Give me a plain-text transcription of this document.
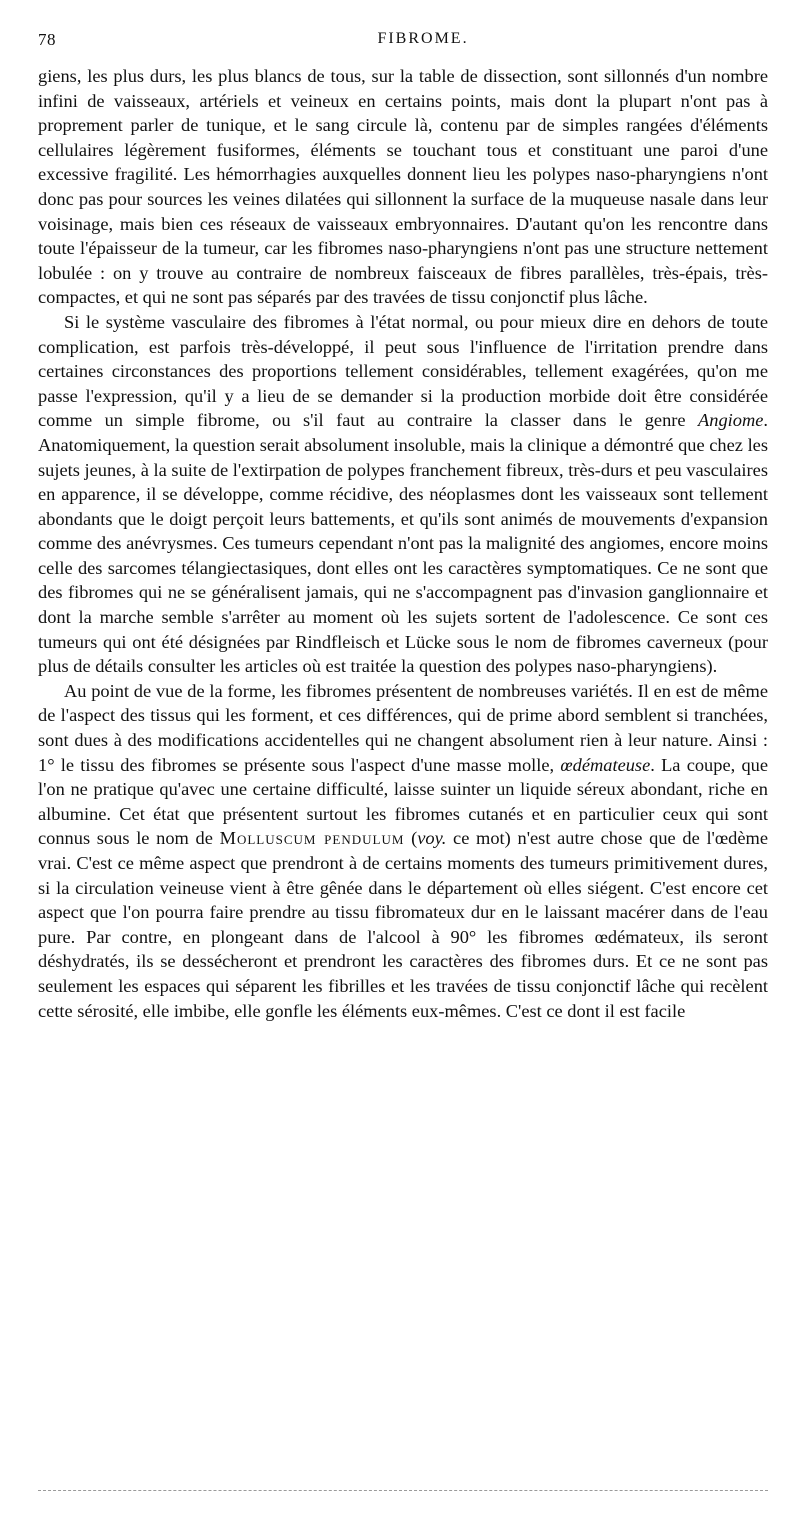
78	FIBROME.

giens, les plus durs, les plus blancs de tous, sur la table de dissection, sont sillonnés d'un nombre infini de vaisseaux, artériels et veineux en certains points, mais dont la plupart n'ont pas à proprement parler de tunique, et le sang circule là, contenu par de simples rangées d'éléments cellulaires légèrement fusiformes, éléments se touchant tous et constituant une paroi d'une excessive fragilité. Les hémorrhagies auxquelles donnent lieu les polypes naso-pharyngiens n'ont donc pas pour sources les veines dilatées qui sillonnent la surface de la muqueuse nasale dans leur voisinage, mais bien ces réseaux de vaisseaux embryonnaires. D'autant qu'on les rencontre dans toute l'épaisseur de la tumeur, car les fibromes naso-pharyngiens n'ont pas une structure nettement lobulée : on y trouve au contraire de nombreux faisceaux de fibres parallèles, très-épais, très-compactes, et qui ne sont pas séparés par des travées de tissu conjonctif plus lâche.

Si le système vasculaire des fibromes à l'état normal, ou pour mieux dire en dehors de toute complication, est parfois très-développé, il peut sous l'influence de l'irritation prendre dans certaines circonstances des proportions tellement considérables, tellement exagérées, qu'on me passe l'expression, qu'il y a lieu de se demander si la production morbide doit être considérée comme un simple fibrome, ou s'il faut au contraire la classer dans le genre Angiome. Anatomiquement, la question serait absolument insoluble, mais la clinique a démontré que chez les sujets jeunes, à la suite de l'extirpation de polypes franchement fibreux, très-durs et peu vasculaires en apparence, il se développe, comme récidive, des néoplasmes dont les vaisseaux sont tellement abondants que le doigt perçoit leurs battements, et qu'ils sont animés de mouvements d'expansion comme des anévrysmes. Ces tumeurs cependant n'ont pas la malignité des angiomes, encore moins celle des sarcomes télangiectasiques, dont elles ont les caractères symptomatiques. Ce ne sont que des fibromes qui ne se généralisent jamais, qui ne s'accompagnent pas d'invasion ganglionnaire et dont la marche semble s'arrêter au moment où les sujets sortent de l'adolescence. Ce sont ces tumeurs qui ont été désignées par Rindfleisch et Lücke sous le nom de fibromes caverneux (pour plus de détails consulter les articles où est traitée la question des polypes naso-pharyngiens).

Au point de vue de la forme, les fibromes présentent de nombreuses variétés. Il en est de même de l'aspect des tissus qui les forment, et ces différences, qui de prime abord semblent si tranchées, sont dues à des modifications accidentelles qui ne changent absolument rien à leur nature. Ainsi : 1° le tissu des fibromes se présente sous l'aspect d'une masse molle, œdémateuse. La coupe, que l'on ne pratique qu'avec une certaine difficulté, laisse suinter un liquide séreux abondant, riche en albumine. Cet état que présentent surtout les fibromes cutanés et en particulier ceux qui sont connus sous le nom de Molluscum pendulum (voy. ce mot) n'est autre chose que de l'œdème vrai. C'est ce même aspect que prendront à de certains moments des tumeurs primitivement dures, si la circulation veineuse vient à être gênée dans le département où elles siégent. C'est encore cet aspect que l'on pourra faire prendre au tissu fibromateux dur en le laissant macérer dans de l'eau pure. Par contre, en plongeant dans de l'alcool à 90° les fibromes œdémateux, ils seront déshydratés, ils se dessécheront et prendront les caractères des fibromes durs. Et ce ne sont pas seulement les espaces qui séparent les fibrilles et les travées de tissu conjonctif lâche qui recèlent cette sérosité, elle imbibe, elle gonfle les éléments eux-mêmes. C'est ce dont il est facile
